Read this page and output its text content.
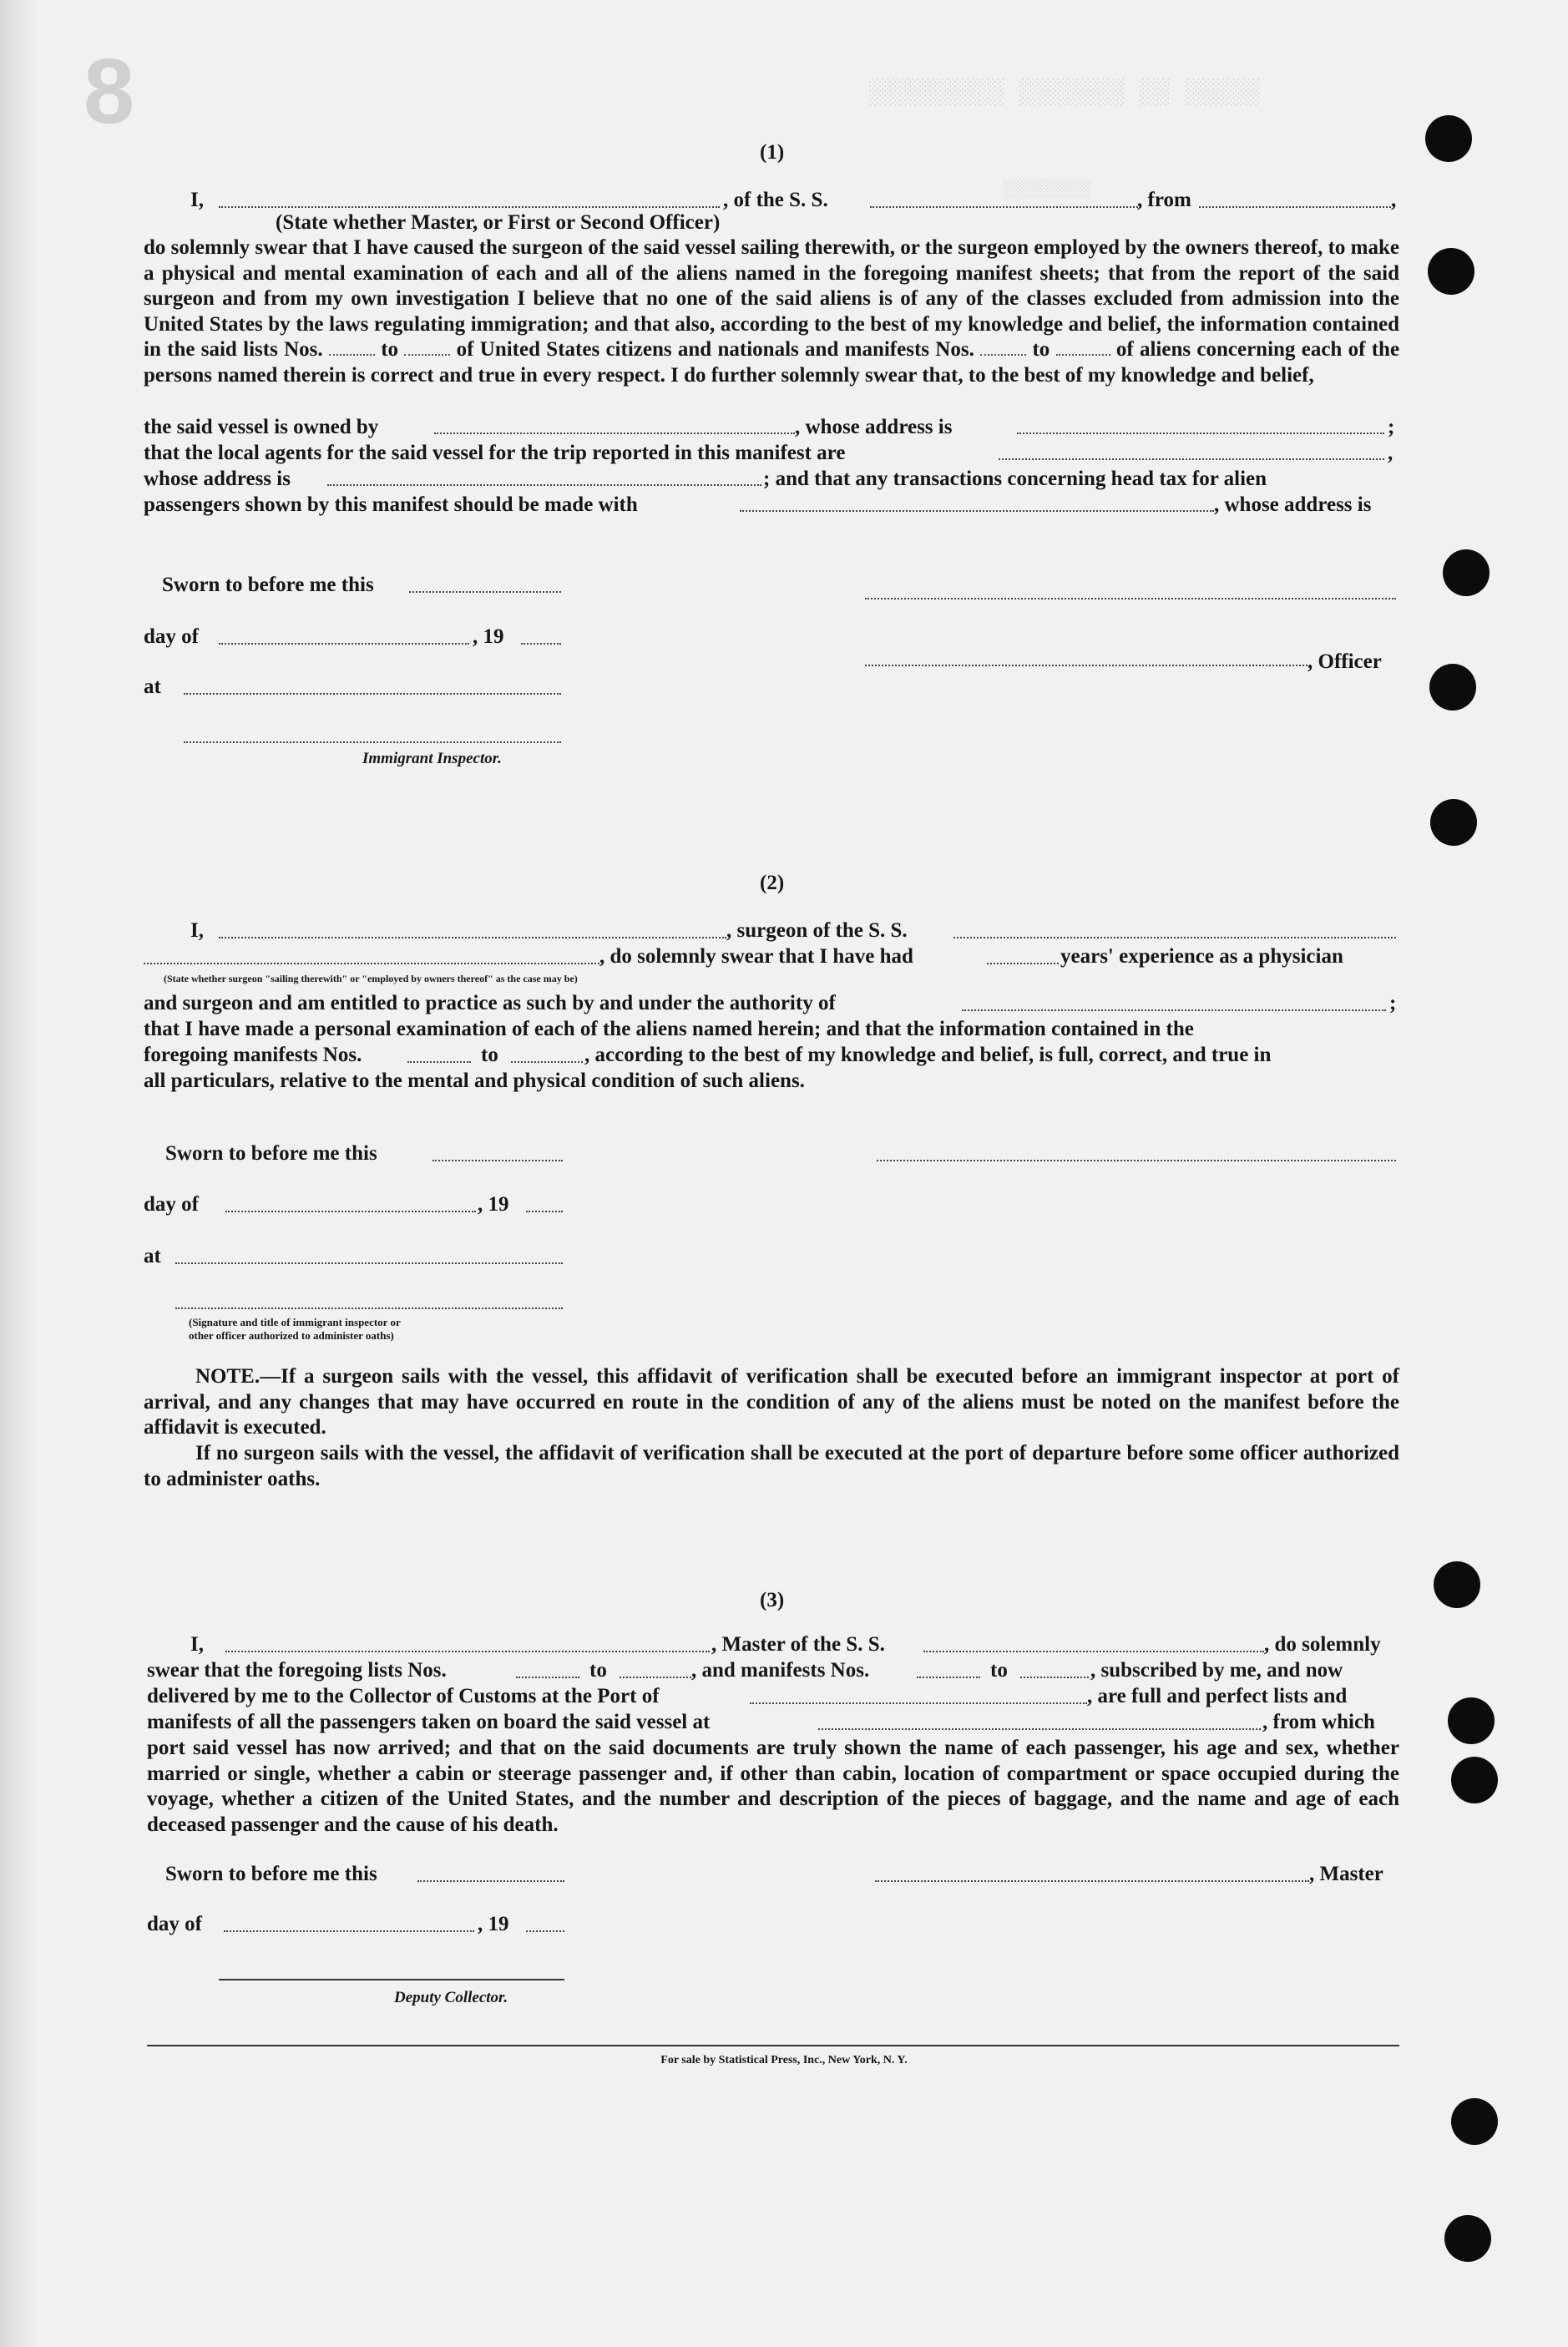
8	░░░░░ ░░ ░░░░░░░ ░░░░░░░░░
░░░░░░░░
(1)
I,	, of the S. S.	, from	,
(State whether Master, or First or Second Officer)
do solemnly swear that I have caused the surgeon of the said vessel sailing therewith, or the surgeon employed by the owners thereof, to make a physical and mental examination of each and all of the aliens named in the foregoing manifest sheets; that from the report of the said surgeon and from my own investigation I believe that no one of the said aliens is of any of the classes excluded from admission into the United States by the laws regulating immigration; and that also, according to the best of my knowledge and belief, the information contained in the said lists Nos.	to	of United States citizens and nationals and manifests Nos.	to	of aliens concerning each of the persons named therein is correct and true in every respect. I do further solemnly swear that, to the best of my knowledge and belief,
the said vessel is owned by	, whose address is	;
that the local agents for the said vessel for the trip reported in this manifest are	,
whose address is	; and that any transactions concerning head tax for alien
passengers shown by this manifest should be made with	, whose address is
Sworn to before me this
day of	, 19
, Officer
at
Immigrant Inspector.
(2)
I,	, surgeon of the S. S.
, do solemnly swear that I have had	years' experience as a physician
(State whether surgeon "sailing therewith" or "employed by owners thereof" as the case may be)
and surgeon and am entitled to practice as such by and under the authority of	;
that I have made a personal examination of each of the aliens named herein; and that the information contained in the
foregoing manifests Nos.	to	, according to the best of my knowledge and belief, is full, correct, and true in
all particulars, relative to the mental and physical condition of such aliens.
Sworn to before me this
day of	, 19
at
(Signature and title of immigrant inspector or
other officer authorized to administer oaths)
NOTE.—If a surgeon sails with the vessel, this affidavit of verification shall be executed before an immigrant inspector at port of arrival, and any changes that may have occurred en route in the condition of any of the aliens must be noted on the manifest before the affidavit is executed.
If no surgeon sails with the vessel, the affidavit of verification shall be executed at the port of departure before some officer authorized to administer oaths.
(3)
I,	, Master of the S. S.	, do solemnly
swear that the foregoing lists Nos.	to	, and manifests Nos.	to	, subscribed by me, and now
delivered by me to the Collector of Customs at the Port of	, are full and perfect lists and
manifests of all the passengers taken on board the said vessel at	, from which
port said vessel has now arrived; and that on the said documents are truly shown the name of each passenger, his age and sex, whether married or single, whether a cabin or steerage passenger and, if other than cabin, location of compartment or space occupied during the voyage, whether a citizen of the United States, and the number and description of the pieces of baggage, and the name and age of each deceased passenger and the cause of his death.
Sworn to before me this	, Master
day of	, 19
Deputy Collector.
For sale by Statistical Press, Inc., New York, N. Y.
